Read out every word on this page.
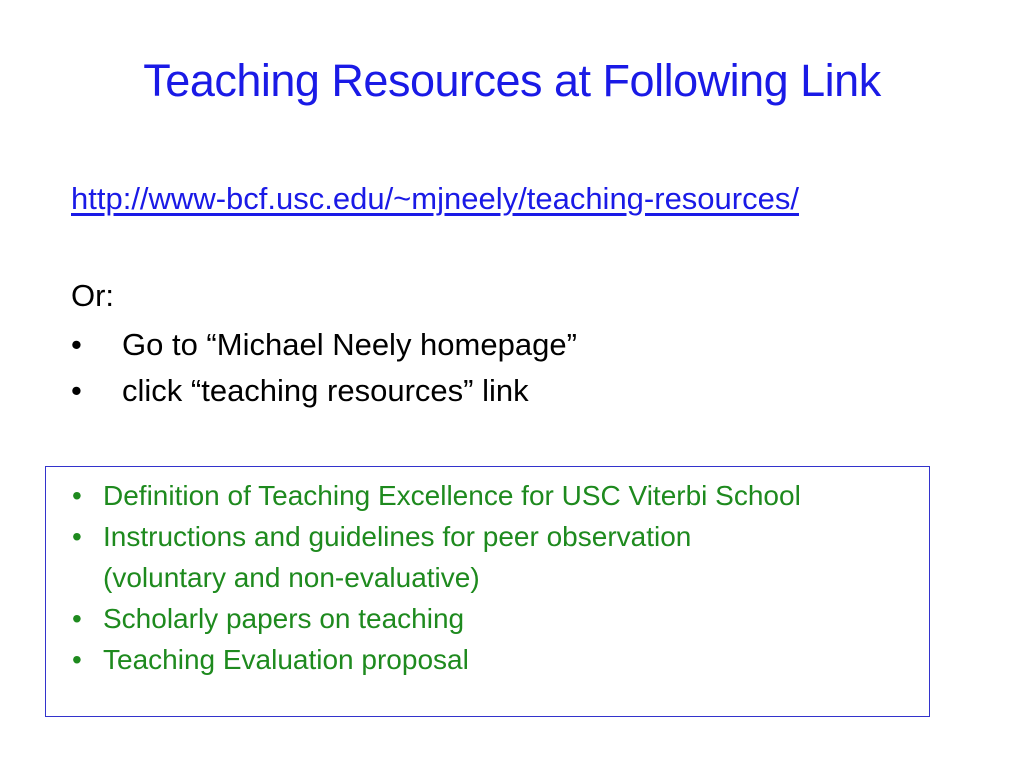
Teaching Resources at Following Link
http://www-bcf.usc.edu/~mjneely/teaching-resources/
Or:
• Go to “Michael Neely homepage”
• click “teaching resources” link
• Definition of Teaching Excellence for USC Viterbi School
• Instructions and guidelines for peer observation
(voluntary and non-evaluative)
• Scholarly papers on teaching
• Teaching Evaluation proposal
